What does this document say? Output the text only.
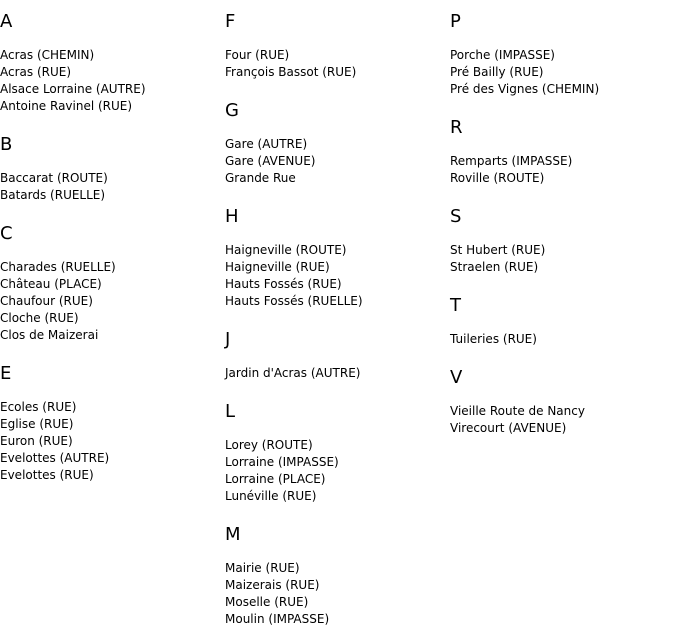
A
Acras (CHEMIN)
Acras (RUE)
Alsace Lorraine (AUTRE)
Antoine Ravinel (RUE)
B
Baccarat (ROUTE)
Batards (RUELLE)
C
Charades (RUELLE)
Château (PLACE)
Chaufour (RUE)
Cloche (RUE)
Clos de Maizerai
E
Ecoles (RUE)
Eglise (RUE)
Euron (RUE)
Evelottes (AUTRE)
Evelottes (RUE)
F
Four (RUE)
François Bassot (RUE)
G
Gare (AUTRE)
Gare (AVENUE)
Grande Rue
H
Haigneville (ROUTE)
Haigneville (RUE)
Hauts Fossés (RUE)
Hauts Fossés (RUELLE)
J
Jardin d'Acras (AUTRE)
L
Lorey (ROUTE)
Lorraine (IMPASSE)
Lorraine (PLACE)
Lunéville (RUE)
M
Mairie (RUE)
Maizerais (RUE)
Moselle (RUE)
Moulin (IMPASSE)
P
Porche (IMPASSE)
Pré Bailly (RUE)
Pré des Vignes (CHEMIN)
R
Remparts (IMPASSE)
Roville (ROUTE)
S
St Hubert (RUE)
Straelen (RUE)
T
Tuileries (RUE)
V
Vieille Route de Nancy
Virecourt (AVENUE)
